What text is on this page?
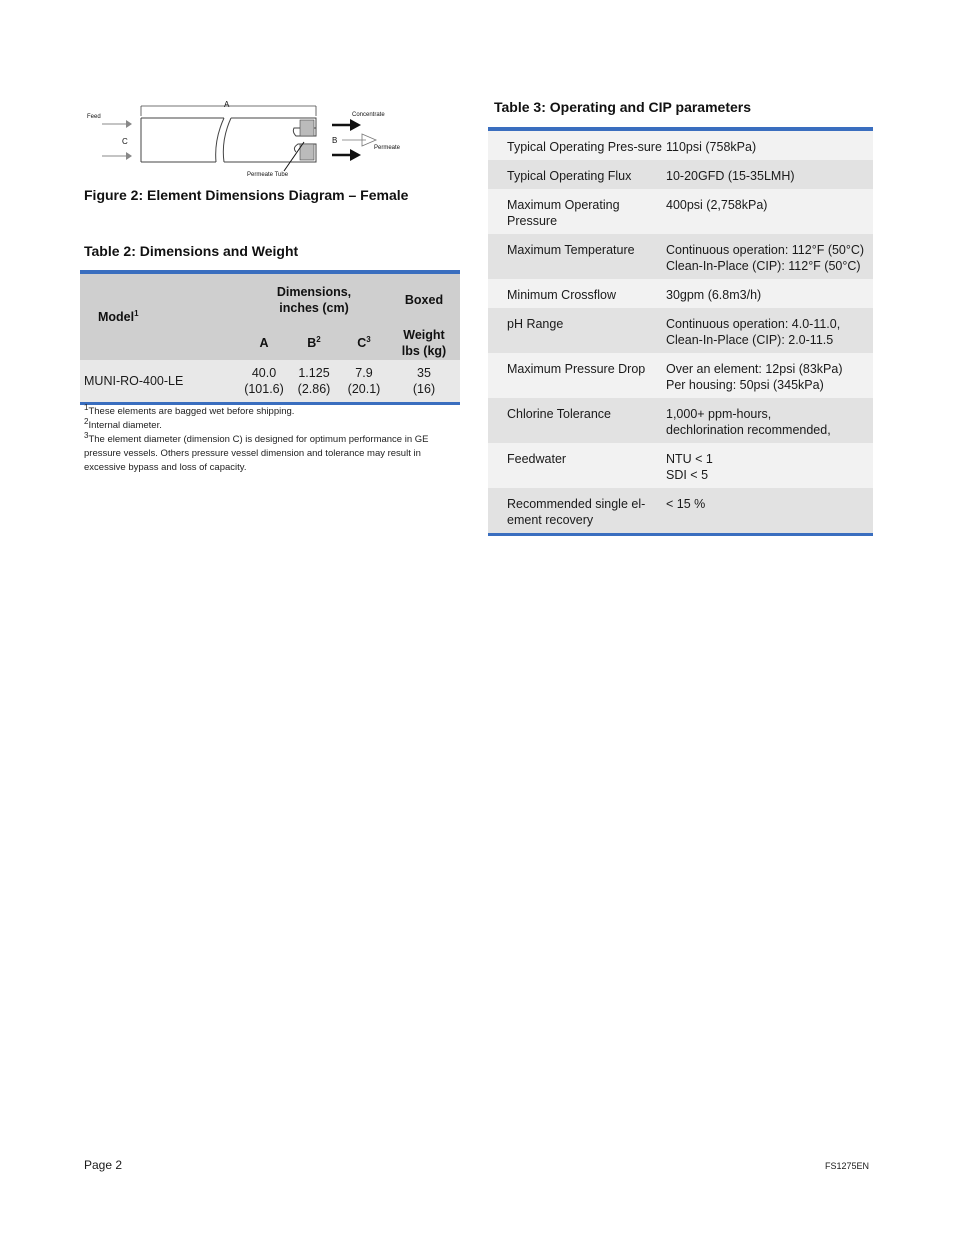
A
C
Feed	Concentrate
B
Permeate
Permeate Tube
Figure 2: Element Dimensions Diagram – Female
Table 2: Dimensions and Weight
Model$^1$	Dimensions, inches (cm)			Boxed
	A	$B^2$	$C^3$	Weight lbs (kg)
MUNI-RO-400-LE	40.0 (101.6)	1.125 (2.86)	7.9 (20.1)	35 (16)

$^1$These elements are bagged wet before shipping.

$^2$Internal diameter.

$^3$The element diameter (dimension C) is designed for optimum performance in GE pressure vessels. Others pressure vessel dimension and tolerance may result in excessive bypass and loss of capacity.

Table 3: Operating and CIP parameters
Typical Operating Pres-sure	110psi (758kPa)
Typical Operating Flux	10-20GFD (15-35LMH)
Maximum Operating Pressure	400psi (2,758kPa)
Maximum Temperature	Continuous operation: 112°F (50°C)
Clean-In-Place (CIP): 112°F (50°C)
Minimum Crossflow	30gpm (6.8m3/h)
pH Range	Continuous operation: 4.0-11.0,
Clean-In-Place (CIP): 2.0-11.5
Maximum Pressure Drop	Over an element: 12psi (83kPa)
Per housing: 50psi (345kPa)
Chlorine Tolerance	1,000+ ppm-hours,
dechlorination recommended,
Feedwater	NTU < 1
SDI < 5
Recommended single el-ement recovery	< 15 %
Page 2	FS1275EN
